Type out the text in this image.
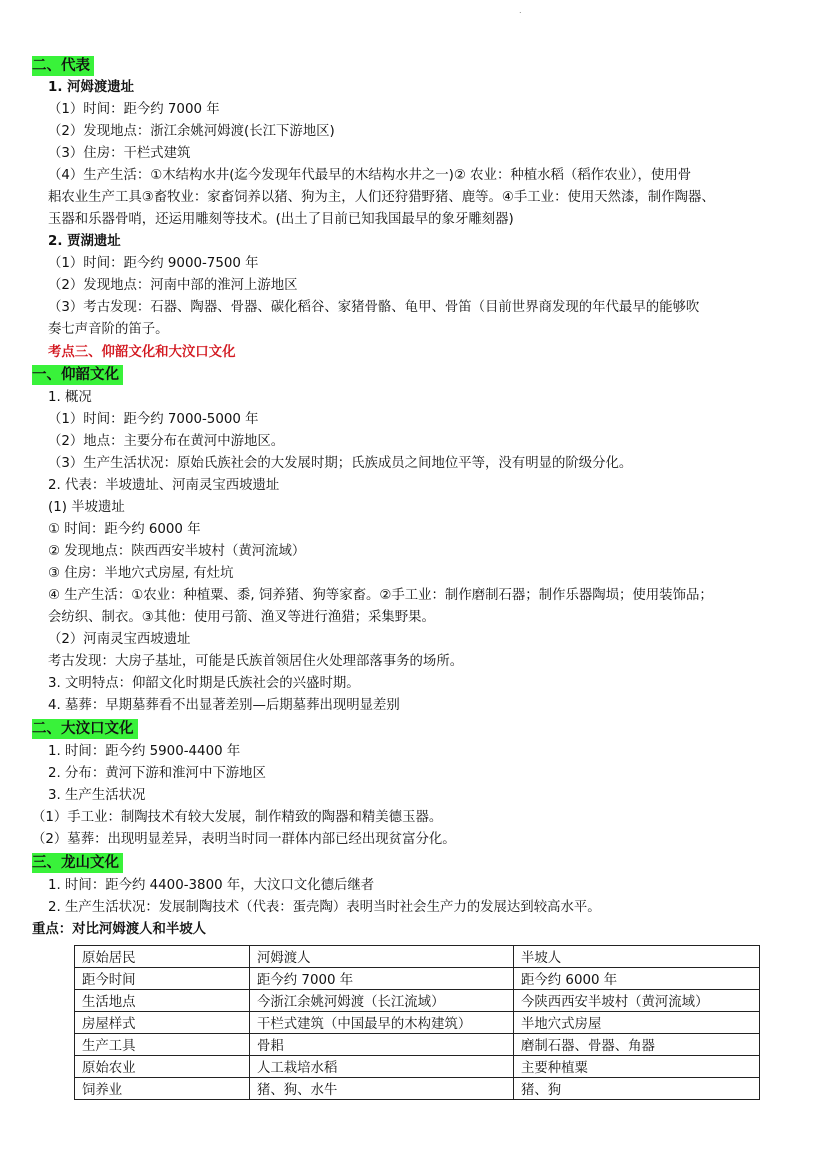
.
二、代表
1. 河姆渡遗址
（1）时间：距今约 7000 年
（2）发现地点：浙江余姚河姆渡(长江下游地区)
（3）住房：干栏式建筑
（4）生产生活：①木结构水井(迄今发现年代最早的木结构水井之一)② 农业：种植水稻（稻作农业），使用骨
耜农业生产工具③畜牧业：家畜饲养以猪、狗为主，人们还狩猎野猪、鹿等。④手工业：使用天然漆，制作陶器、
玉器和乐器骨哨，还运用雕刻等技术。(出土了目前已知我国最早的象牙雕刻器)
2. 贾湖遗址
（1）时间：距今约 9000-7500 年
（2）发现地点：河南中部的淮河上游地区
（3）考古发现：石器、陶器、骨器、碳化稻谷、家猪骨骼、龟甲、骨笛（目前世界商发现的年代最早的能够吹
奏七声音阶的笛子。
考点三、仰韶文化和大汶口文化
一、仰韶文化
1. 概况
（1）时间：距今约 7000-5000 年
（2）地点：主要分布在黄河中游地区。
（3）生产生活状况：原始氏族社会的大发展时期；氏族成员之间地位平等，没有明显的阶级分化。
2. 代表：半坡遗址、河南灵宝西坡遗址
(1) 半坡遗址
① 时间：距今约 6000 年
② 发现地点：陕西西安半坡村（黄河流域）
③ 住房：半地穴式房屋, 有灶坑
④ 生产生活：①农业：种植粟、黍, 饲养猪、狗等家畜。②手工业：制作磨制石器；制作乐器陶埙；使用装饰品；
会纺织、制衣。③其他：使用弓箭、渔叉等进行渔猎；采集野果。
（2）河南灵宝西坡遗址
考古发现：大房子基址，可能是氏族首领居住火处理部落事务的场所。
3. 文明特点：仰韶文化时期是氏族社会的兴盛时期。
4. 墓葬：早期墓葬看不出显著差别—后期墓葬出现明显差别
二、大汶口文化
1. 时间：距今约 5900-4400 年
2. 分布：黄河下游和淮河中下游地区
3. 生产生活状况
（1）手工业：制陶技术有较大发展，制作精致的陶器和精美德玉器。
（2）墓葬：出现明显差异，表明当时同一群体内部已经出现贫富分化。
三、龙山文化
1. 时间：距今约 4400-3800 年，大汶口文化德后继者
2. 生产生活状况：发展制陶技术（代表：蛋壳陶）表明当时社会生产力的发展达到较高水平。
重点：对比河姆渡人和半坡人
原始居民	河姆渡人	半坡人
距今时间	距今约 7000 年	距今约 6000 年
生活地点	今浙江余姚河姆渡（长江流域）	今陕西西安半坡村（黄河流域）
房屋样式	干栏式建筑（中国最早的木构建筑）	半地穴式房屋
生产工具	骨耜	磨制石器、骨器、角器
原始农业	人工栽培水稻	主要种植粟
饲养业	猪、狗、水牛	猪、狗
